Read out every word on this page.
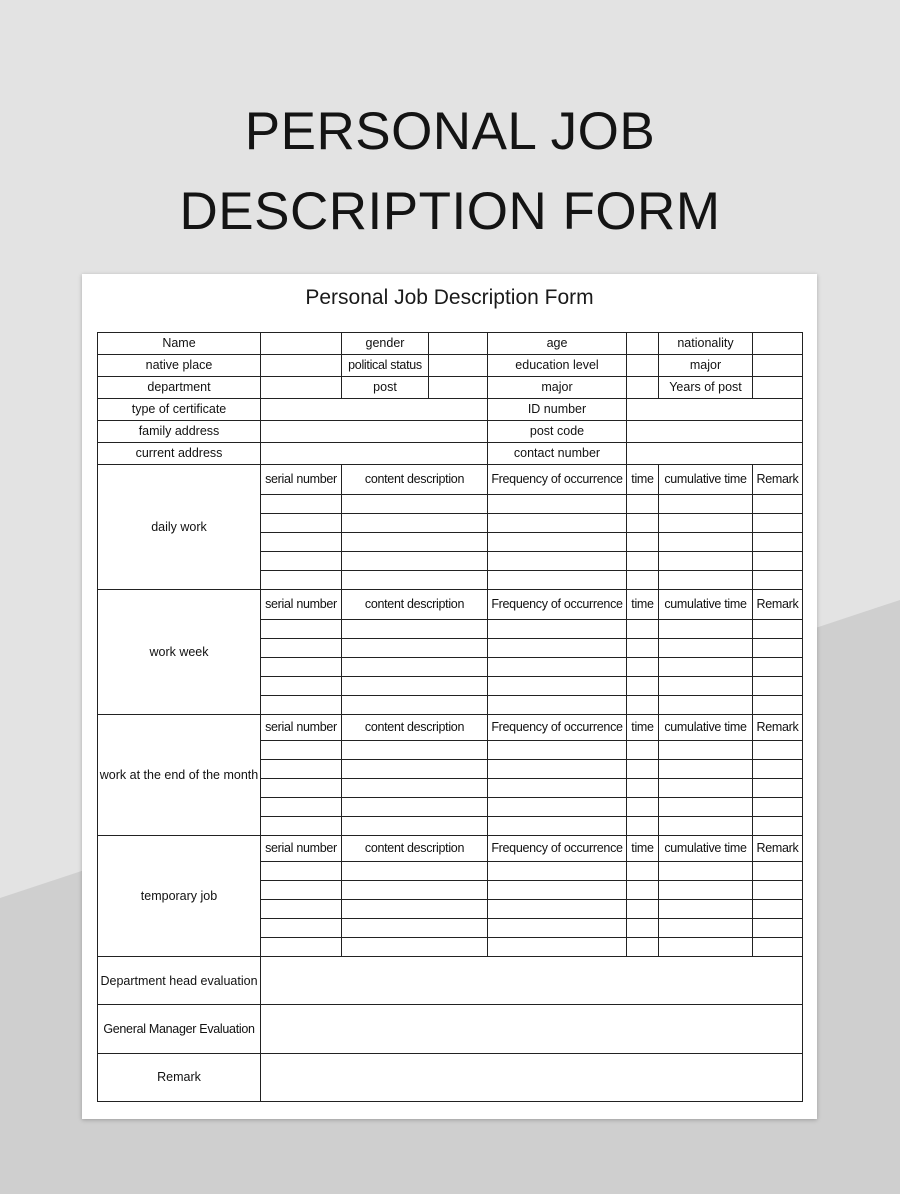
PERSONAL JOB
DESCRIPTION FORM
Personal Job Description Form
Name		gender		age		nationality	
native place		political status		education level		major	
department		post		major		Years of post	
type of certificate				ID number			
family address				post code			
current address				contact number			
daily work	serial number	content description		Frequency of occurrence	time	cumulative time	Remark

work week	serial number	content description		Frequency of occurrence	time	cumulative time	Remark

work at the end of the month	serial number	content description		Frequency of occurrence	time	cumulative time	Remark

temporary job	serial number	content description		Frequency of occurrence	time	cumulative time	Remark

Department head evaluation							
General Manager Evaluation							
Remark							
